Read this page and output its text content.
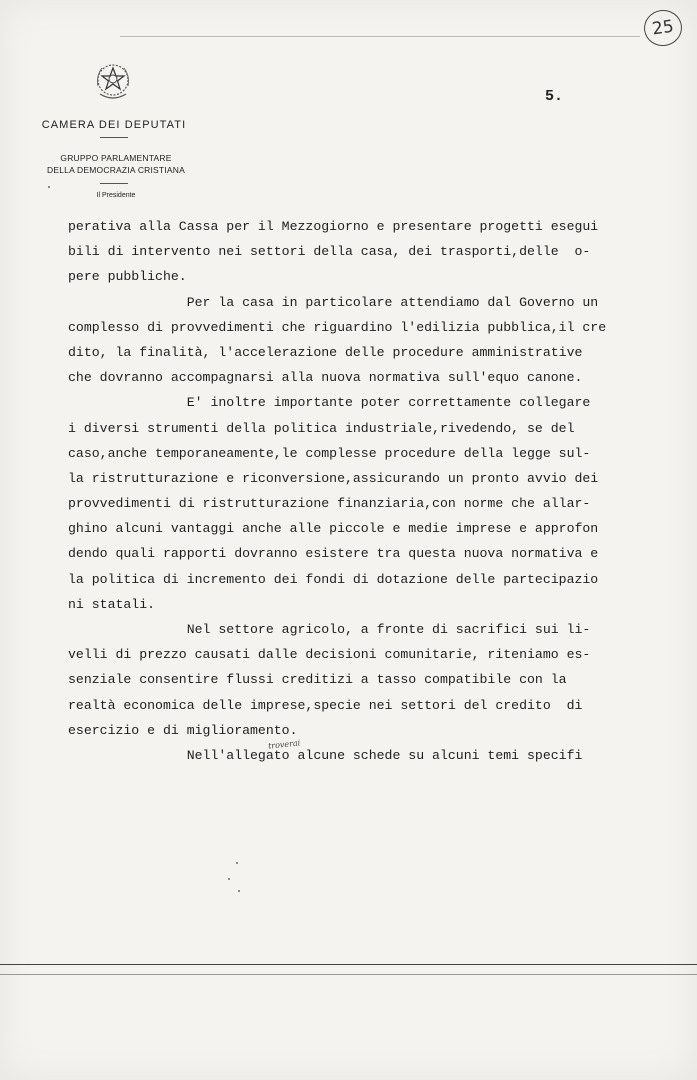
25
5.
CAMERA DEI DEPUTATI
GRUPPO PARLAMENTARE
DELLA DEMOCRAZIA CRISTIANA
Il Presidente
perativa alla Cassa per il Mezzogiorno e presentare progetti esegui
bili di intervento nei settori della casa, dei trasporti,delle  o-
pere pubbliche.
Per la casa in particolare attendiamo dal Governo un
complesso di provvedimenti che riguardino l'edilizia pubblica,il cre
dito, la finalità, l'accelerazione delle procedure amministrative
che dovranno accompagnarsi alla nuova normativa sull'equo canone.
E' inoltre importante poter correttamente collegare
i diversi strumenti della politica industriale,rivedendo, se del
caso,anche temporaneamente,le complesse procedure della legge sul-
la ristrutturazione e riconversione,assicurando un pronto avvio dei
provvedimenti di ristrutturazione finanziaria,con norme che allar-
ghino alcuni vantaggi anche alle piccole e medie imprese e approfon
dendo quali rapporti dovranno esistere tra questa nuova normativa e
la politica di incremento dei fondi di dotazione delle partecipazio
ni statali.
Nel settore agricolo, a fronte di sacrifici sui li-
velli di prezzo causati dalle decisioni comunitarie, riteniamo es-
senziale consentire flussi creditizi a tasso compatibile con la
realtà economica delle imprese,specie nei settori del credito  di
esercizio e di miglioramento.
Nell'allegato alcune schede su alcuni temi specifi
troverai
